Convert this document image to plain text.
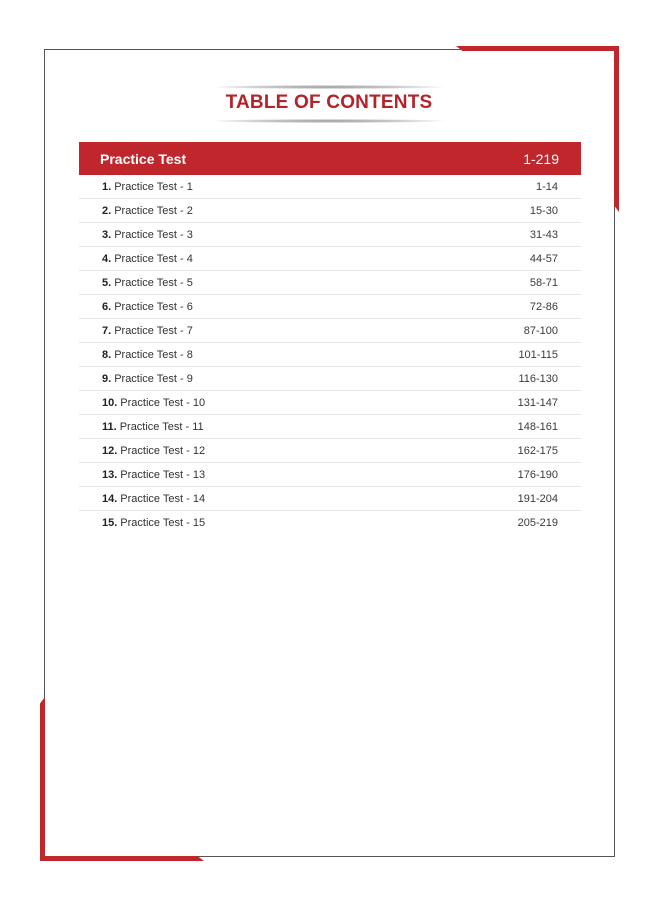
TABLE OF CONTENTS
Practice Test	1-219
1. Practice Test - 1	1-14
2. Practice Test - 2	15-30
3. Practice Test - 3	31-43
4. Practice Test - 4	44-57
5. Practice Test - 5	58-71
6. Practice Test - 6	72-86
7. Practice Test - 7	87-100
8. Practice Test - 8	101-115
9. Practice Test - 9	116-130
10. Practice Test - 10	131-147
11. Practice Test - 11	148-161
12. Practice Test - 12	162-175
13. Practice Test - 13	176-190
14. Practice Test - 14	191-204
15. Practice Test - 15	205-219
